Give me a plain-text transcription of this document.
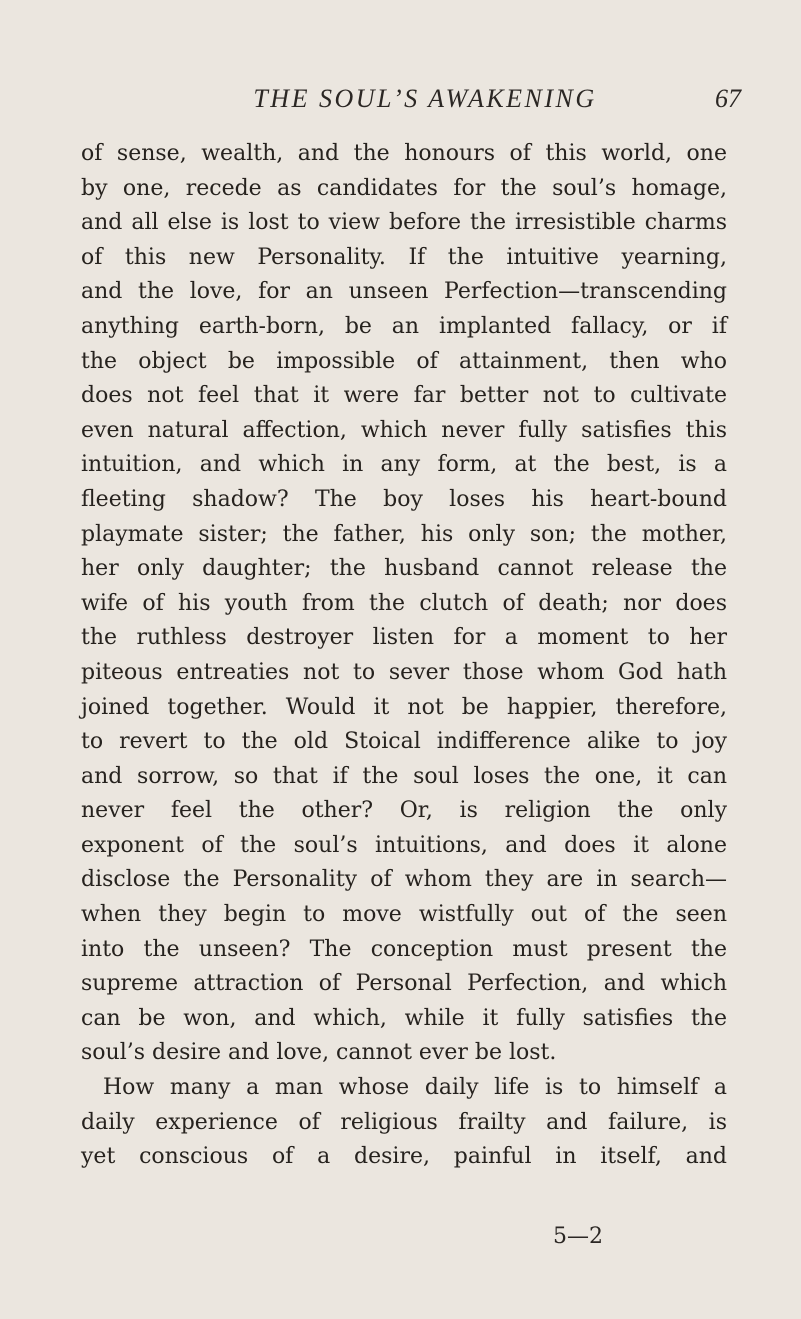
THE SOUL’S AWAKENING	67
of sense, wealth, and the honours of this world, one
by one, recede as candidates for the soul’s homage,
and all else is lost to view before the irresistible charms
of this new Personality. If the intuitive yearning,
and the love, for an unseen Perfection—transcending
anything earth-born, be an implanted fallacy, or if
the object be impossible of attainment, then who
does not feel that it were far better not to cultivate
even natural affection, which never fully satisfies this
intuition, and which in any form, at the best, is a
fleeting shadow? The boy loses his heart-bound
playmate sister; the father, his only son; the mother,
her only daughter; the husband cannot release the
wife of his youth from the clutch of death; nor does
the ruthless destroyer listen for a moment to her
piteous entreaties not to sever those whom God hath
joined together. Would it not be happier, therefore,
to revert to the old Stoical indifference alike to joy
and sorrow, so that if the soul loses the one, it can
never feel the other? Or, is religion the only
exponent of the soul’s intuitions, and does it alone
disclose the Personality of whom they are in search—
when they begin to move wistfully out of the seen
into the unseen? The conception must present the
supreme attraction of Personal Perfection, and which
can be won, and which, while it fully satisfies the
soul’s desire and love, cannot ever be lost.
How many a man whose daily life is to himself a
daily experience of religious frailty and failure, is
yet conscious of a desire, painful in itself, and
5—2
